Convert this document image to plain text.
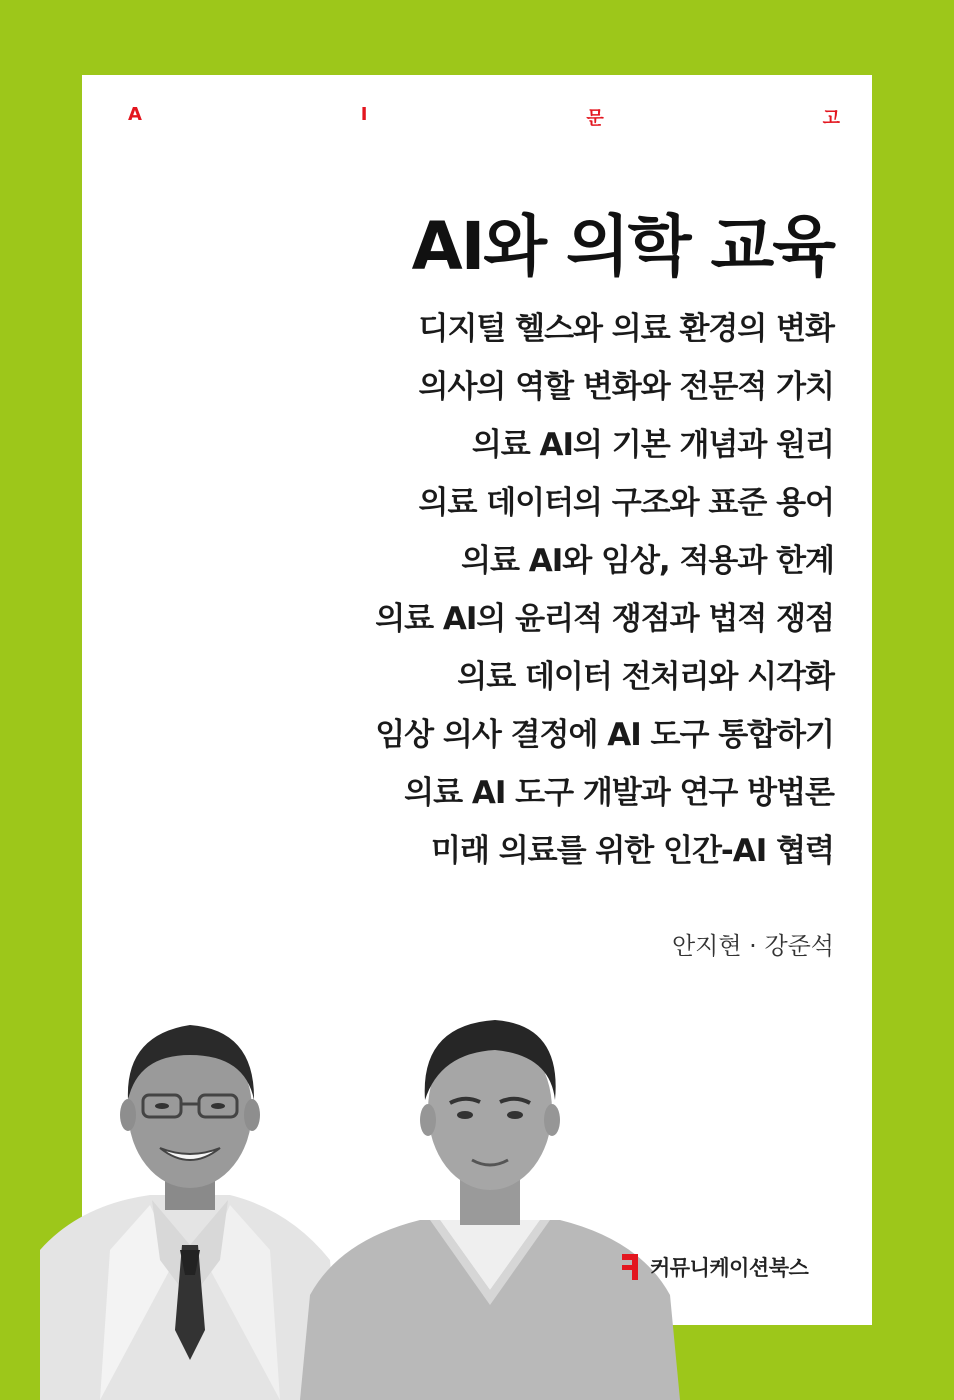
A	I	문	고
AI와 의학 교육
디지털 헬스와 의료 환경의 변화
의사의 역할 변화와 전문적 가치
의료 AI의 기본 개념과 원리
의료 데이터의 구조와 표준 용어
의료 AI와 임상, 적용과 한계
의료 AI의 윤리적 쟁점과 법적 쟁점
의료 데이터 전처리와 시각화
임상 의사 결정에 AI 도구 통합하기
의료 AI 도구 개발과 연구 방법론
미래 의료를 위한 인간-AI 협력
안지현 · 강준석
커뮤니케이션북스
